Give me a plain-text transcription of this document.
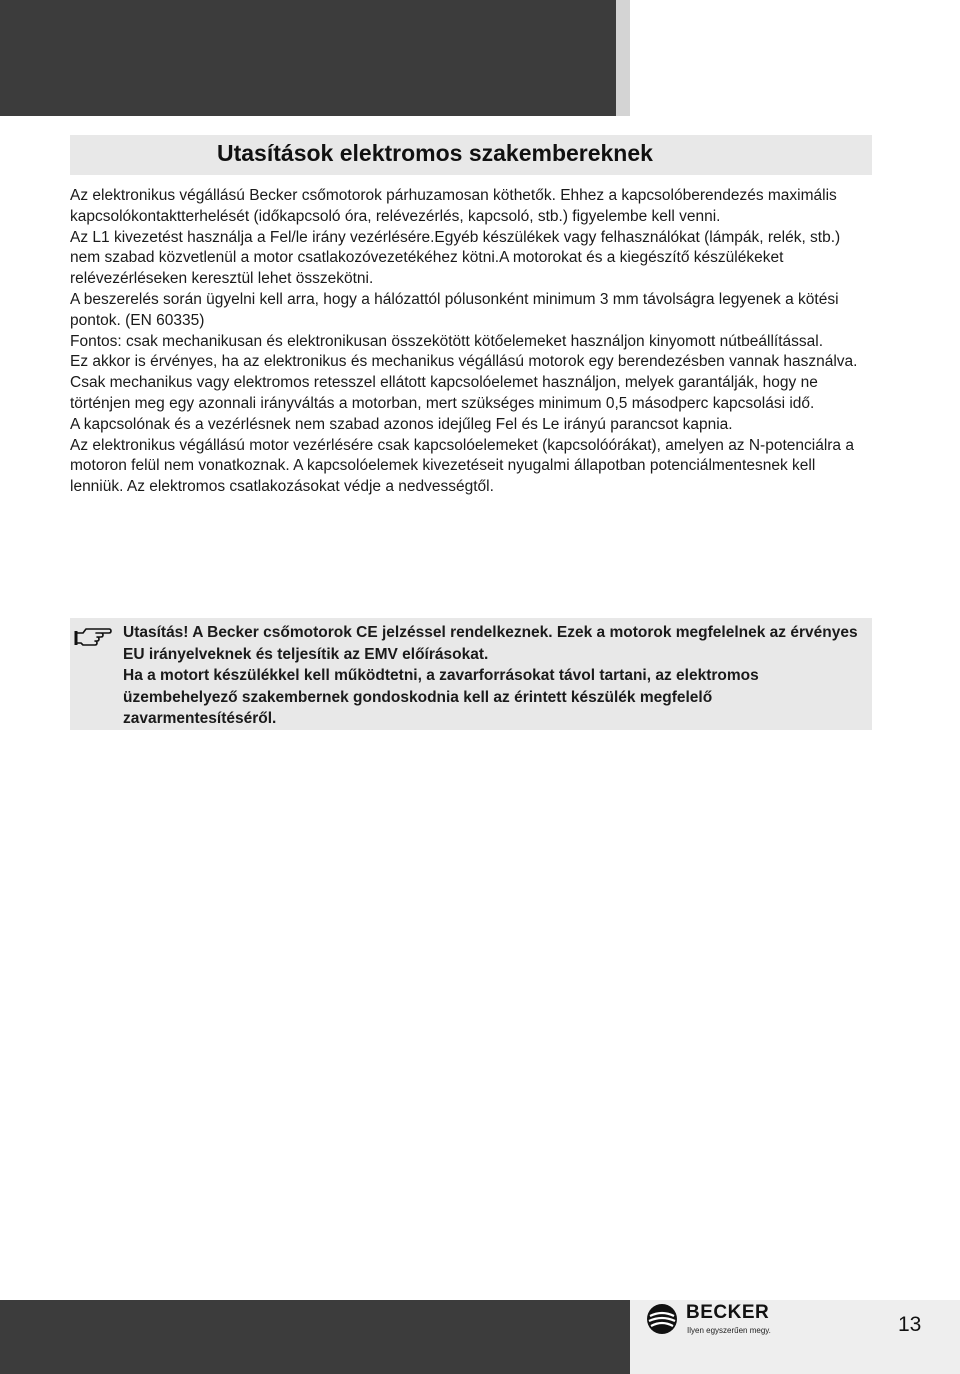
Utasítások elektromos szakembereknek

Az elektronikus végállású Becker csőmotorok párhuzamosan köthetők. Ehhez a kapcsolóberendezés maximális kapcsolókontaktterhelését (időkapcsoló óra, relévezérlés, kapcsoló, stb.) figyelembe kell venni.

Az L1 kivezetést használja a Fel/le irány vezérlésére.Egyéb készülékek vagy felhasználókat (lámpák, relék, stb.) nem szabad közvetlenül a motor csatlakozóvezetékéhez kötni.A motorokat és a kiegészítő készülékeket relévezérléseken keresztül lehet összekötni.

A beszerelés során ügyelni kell arra, hogy a hálózattól pólusonként minimum 3 mm távolságra legyenek a kötési pontok. (EN 60335)

Fontos: csak mechanikusan és elektronikusan összekötött kötőelemeket használjon kinyomott nútbeállítással.

Ez akkor is érvényes, ha az elektronikus és mechanikus végállású motorok egy berendezésben vannak használva.

Csak mechanikus vagy elektromos retesszel ellátott kapcsolóelemet használjon, melyek garantálják, hogy ne történjen meg egy azonnali irányváltás a motorban, mert szükséges minimum 0,5 másodperc kapcsolási idő.

A kapcsolónak és a vezérlésnek nem szabad azonos idejűleg Fel és Le irányú parancsot kapnia.

Az elektronikus végállású motor vezérlésére csak kapcsolóelemeket (kapcsolóórákat), amelyen az N-potenciálra a motoron felül nem vonatkoznak. A kapcsolóelemek kivezetéseit nyugalmi állapotban potenciálmentesnek kell lenniük. Az elektromos csatlakozásokat védje a nedvességtől.

Utasítás! A Becker csőmotorok CE jelzéssel rendelkeznek. Ezek a motorok megfelelnek az érvényes EU irányelveknek és teljesítik az EMV előírásokat.

Ha a motort készülékkel kell működtetni, a zavarforrásokat távol tartani, az elektromos üzembehelyező szakembernek gondoskodnia kell az érintett készülék megfelelő zavarmentesítéséről.

BECKER
Ilyen egyszerűen megy.	13
